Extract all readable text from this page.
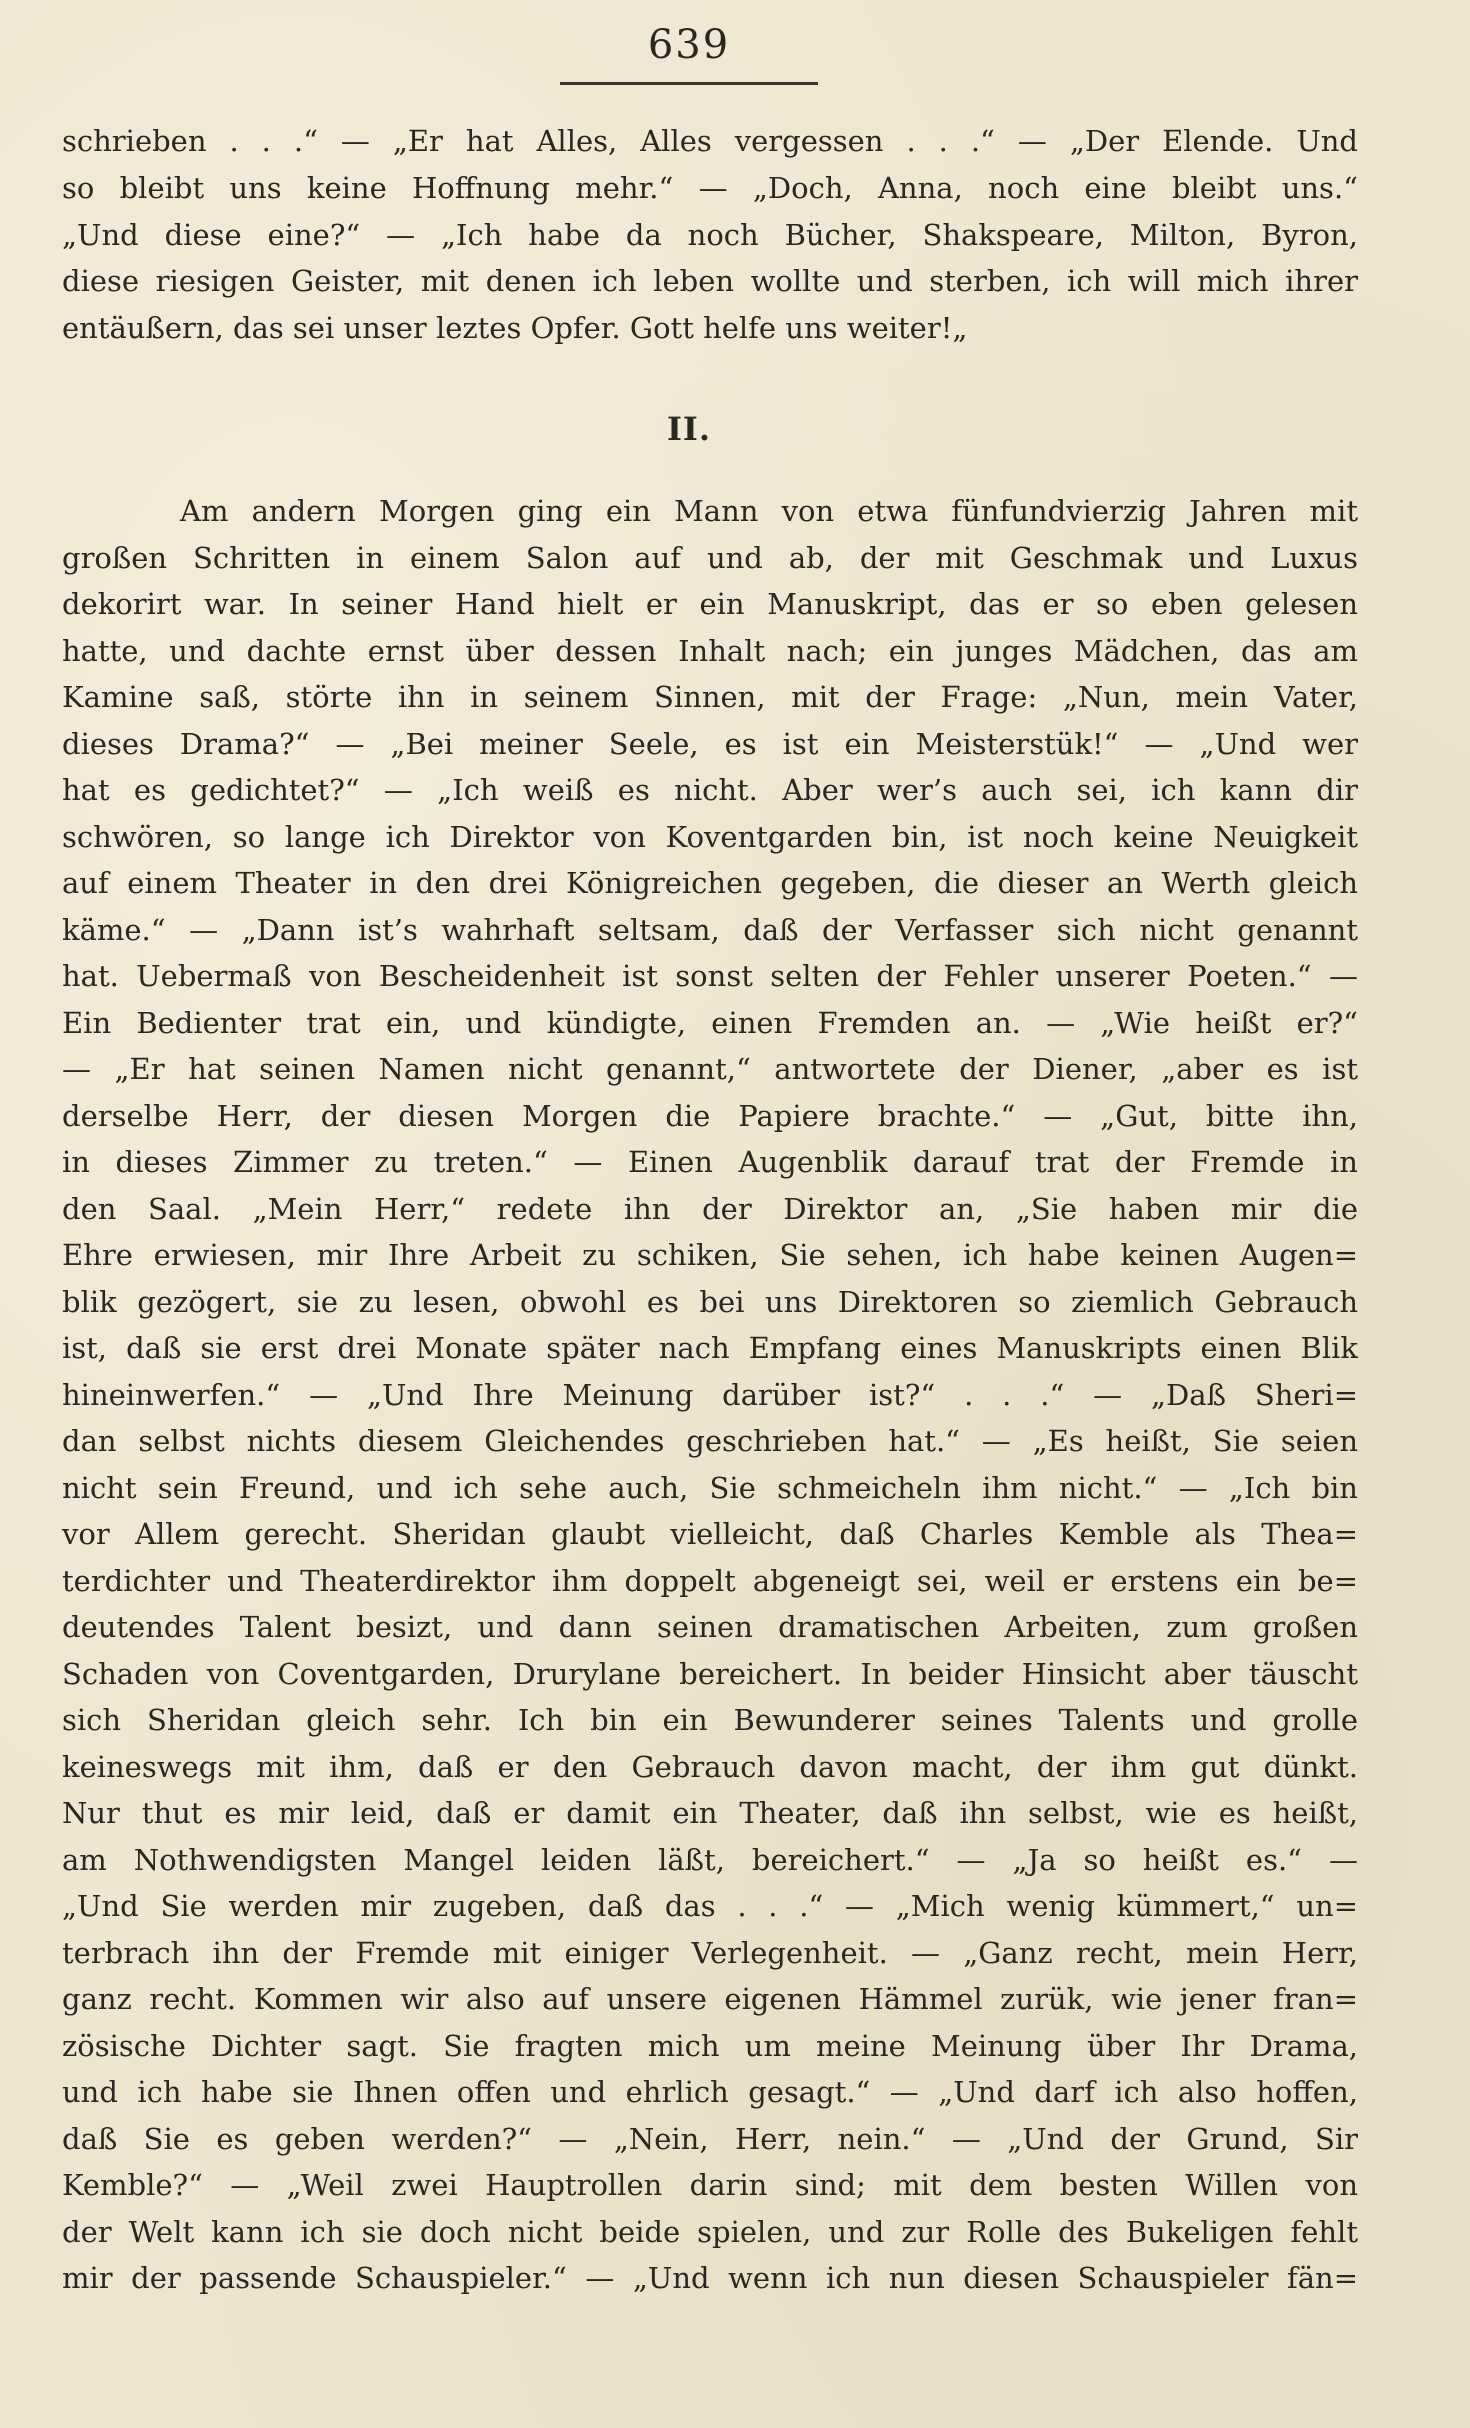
639
schrieben . . .“ — „Er hat Alles, Alles vergessen . . .“ — „Der Elende. Und
so bleibt uns keine Hoffnung mehr.“ — „Doch, Anna, noch eine bleibt uns.“
„Und diese eine?“ — „Ich habe da noch Bücher, Shakspeare, Milton, Byron,
diese riesigen Geister, mit denen ich leben wollte und sterben, ich will mich ihrer
entäußern, das sei unser leztes Opfer. Gott helfe uns weiter!„
II.
Am andern Morgen ging ein Mann von etwa fünfundvierzig Jahren mit
großen Schritten in einem Salon auf und ab, der mit Geschmak und Luxus
dekorirt war. In seiner Hand hielt er ein Manuskript, das er so eben gelesen
hatte, und dachte ernst über dessen Inhalt nach; ein junges Mädchen, das am
Kamine saß, störte ihn in seinem Sinnen, mit der Frage: „Nun, mein Vater,
dieses Drama?“ — „Bei meiner Seele, es ist ein Meisterstük!“ — „Und wer
hat es gedichtet?“ — „Ich weiß es nicht. Aber wer’s auch sei, ich kann dir
schwören, so lange ich Direktor von Koventgarden bin, ist noch keine Neuigkeit
auf einem Theater in den drei Königreichen gegeben, die dieser an Werth gleich
käme.“ — „Dann ist’s wahrhaft seltsam, daß der Verfasser sich nicht genannt
hat. Uebermaß von Bescheidenheit ist sonst selten der Fehler unserer Poeten.“ —
Ein Bedienter trat ein, und kündigte, einen Fremden an. — „Wie heißt er?“
— „Er hat seinen Namen nicht genannt,“ antwortete der Diener, „aber es ist
derselbe Herr, der diesen Morgen die Papiere brachte.“ — „Gut, bitte ihn,
in dieses Zimmer zu treten.“ — Einen Augenblik darauf trat der Fremde in
den Saal. „Mein Herr,“ redete ihn der Direktor an, „Sie haben mir die
Ehre erwiesen, mir Ihre Arbeit zu schiken, Sie sehen, ich habe keinen Augen=
blik gezögert, sie zu lesen, obwohl es bei uns Direktoren so ziemlich Gebrauch
ist, daß sie erst drei Monate später nach Empfang eines Manuskripts einen Blik
hineinwerfen.“ — „Und Ihre Meinung darüber ist?“ . . .“ — „Daß Sheri=
dan selbst nichts diesem Gleichendes geschrieben hat.“ — „Es heißt, Sie seien
nicht sein Freund, und ich sehe auch, Sie schmeicheln ihm nicht.“ — „Ich bin
vor Allem gerecht. Sheridan glaubt vielleicht, daß Charles Kemble als Thea=
terdichter und Theaterdirektor ihm doppelt abgeneigt sei, weil er erstens ein be=
deutendes Talent besizt, und dann seinen dramatischen Arbeiten, zum großen
Schaden von Coventgarden, Drurylane bereichert. In beider Hinsicht aber täuscht
sich Sheridan gleich sehr. Ich bin ein Bewunderer seines Talents und grolle
keineswegs mit ihm, daß er den Gebrauch davon macht, der ihm gut dünkt.
Nur thut es mir leid, daß er damit ein Theater, daß ihn selbst, wie es heißt,
am Nothwendigsten Mangel leiden läßt, bereichert.“ — „Ja so heißt es.“ —
„Und Sie werden mir zugeben, daß das . . .“ — „Mich wenig kümmert,“ un=
terbrach ihn der Fremde mit einiger Verlegenheit. — „Ganz recht, mein Herr,
ganz recht. Kommen wir also auf unsere eigenen Hämmel zurük, wie jener fran=
zösische Dichter sagt. Sie fragten mich um meine Meinung über Ihr Drama,
und ich habe sie Ihnen offen und ehrlich gesagt.“ — „Und darf ich also hoffen,
daß Sie es geben werden?“ — „Nein, Herr, nein.“ — „Und der Grund, Sir
Kemble?“ — „Weil zwei Hauptrollen darin sind; mit dem besten Willen von
der Welt kann ich sie doch nicht beide spielen, und zur Rolle des Bukeligen fehlt
mir der passende Schauspieler.“ — „Und wenn ich nun diesen Schauspieler fän=
